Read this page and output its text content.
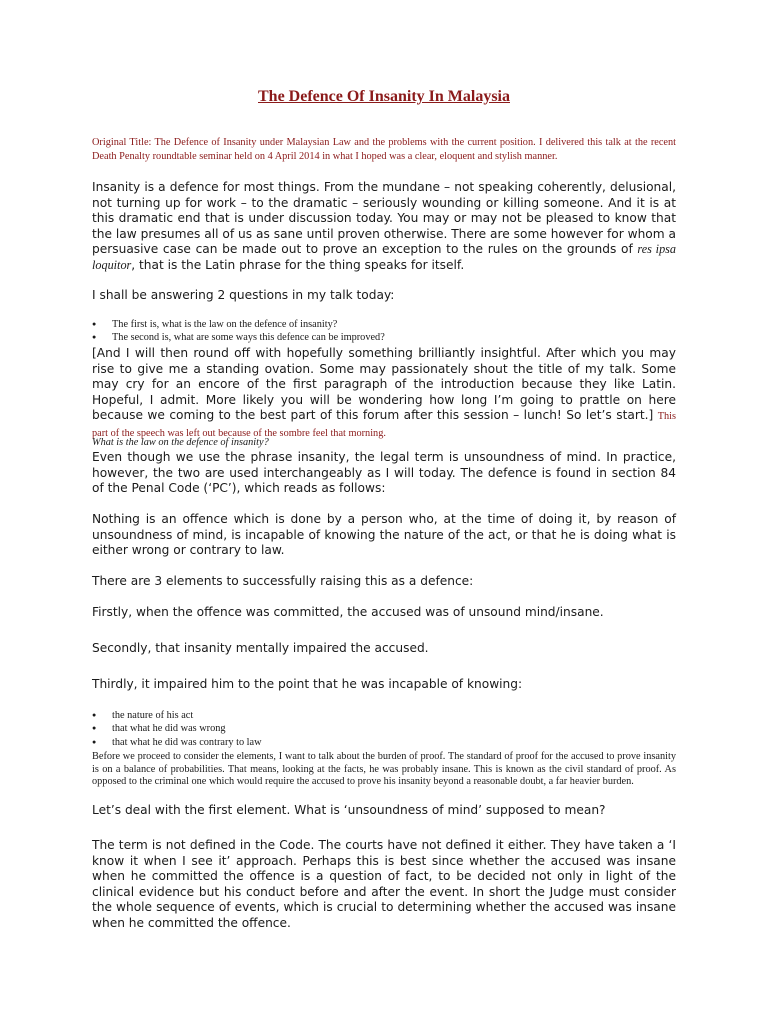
The Defence Of Insanity In Malaysia

Original Title: The Defence of Insanity under Malaysian Law and the problems with the current position. I delivered this talk at the recent Death Penalty roundtable seminar held on 4 April 2014 in what I hoped was a clear, eloquent and stylish manner.

Insanity is a defence for most things. From the mundane – not speaking coherently, delusional, not turning up for work – to the dramatic – seriously wounding or killing someone. And it is at this dramatic end that is under discussion today. You may or may not be pleased to know that the law presumes all of us as sane until proven otherwise. There are some however for whom a persuasive case can be made out to prove an exception to the rules on the grounds of res ipsa loquitor, that is the Latin phrase for the thing speaks for itself.

I shall be answering 2 questions in my talk today:

● The first is, what is the law on the defence of insanity?
● The second is, what are some ways this defence can be improved?

[And I will then round off with hopefully something brilliantly insightful. After which you may rise to give me a standing ovation. Some may passionately shout the title of my talk. Some may cry for an encore of the first paragraph of the introduction because they like Latin. Hopeful, I admit. More likely you will be wondering how long I’m going to prattle on here because we coming to the best part of this forum after this session – lunch! So let’s start.] This part of the speech was left out because of the sombre feel that morning.

What is the law on the defence of insanity?

Even though we use the phrase insanity, the legal term is unsoundness of mind. In practice, however, the two are used interchangeably as I will today. The defence is found in section 84 of the Penal Code (‘PC’), which reads as follows:

Nothing is an offence which is done by a person who, at the time of doing it, by reason of unsoundness of mind, is incapable of knowing the nature of the act, or that he is doing what is either wrong or contrary to law.

There are 3 elements to successfully raising this as a defence:

Firstly, when the offence was committed, the accused was of unsound mind/insane.

Secondly, that insanity mentally impaired the accused.

Thirdly, it impaired him to the point that he was incapable of knowing:

● the nature of his act
● that what he did was wrong
● that what he did was contrary to law

Before we proceed to consider the elements, I want to talk about the burden of proof. The standard of proof for the accused to prove insanity is on a balance of probabilities. That means, looking at the facts, he was probably insane. This is known as the civil standard of proof. As opposed to the criminal one which would require the accused to prove his insanity beyond a reasonable doubt, a far heavier burden.

Let’s deal with the first element. What is ‘unsoundness of mind’ supposed to mean?

The term is not defined in the Code. The courts have not defined it either. They have taken a ‘I know it when I see it’ approach. Perhaps this is best since whether the accused was insane when he committed the offence is a question of fact, to be decided not only in light of the clinical evidence but his conduct before and after the event. In short the Judge must consider the whole sequence of events, which is crucial to determining whether the accused was insane when he committed the offence.
